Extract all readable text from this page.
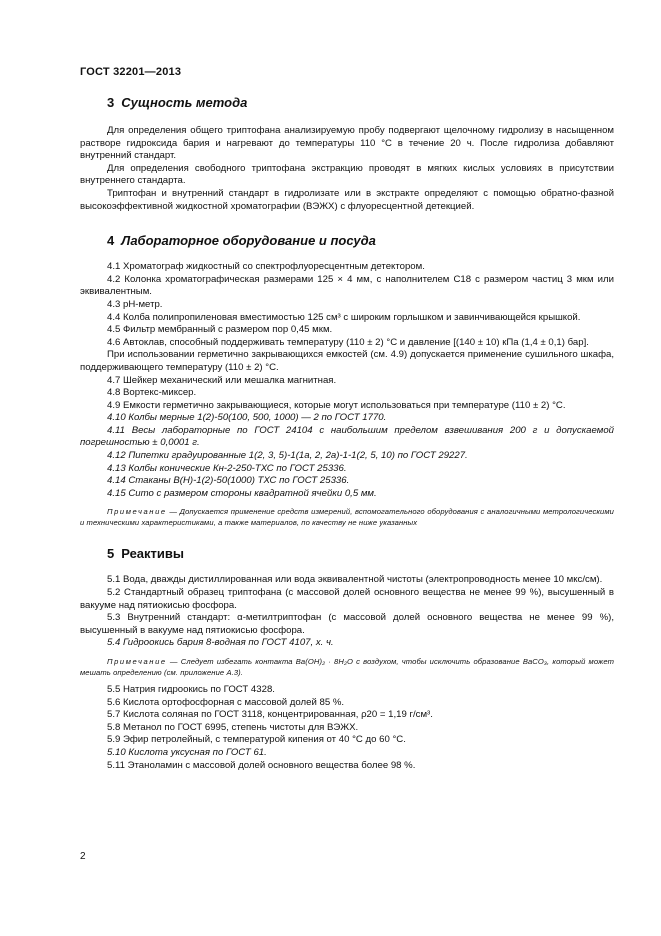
ГОСТ 32201—2013
3 Сущность метода

Для определения общего триптофана анализируемую пробу подвергают щелочному гидролизу в насыщенном растворе гидроксида бария и нагревают до температуры 110 °C в течение 20 ч. После гидролиза добавляют внутренний стандарт.

Для определения свободного триптофана экстракцию проводят в мягких кислых условиях в присутствии внутреннего стандарта.

Триптофан и внутренний стандарт в гидролизате или в экстракте определяют с помощью обратно-фазной высокоэффективной жидкостной хроматографии (ВЭЖХ) с флуоресцентной детекцией.

4 Лабораторное оборудование и посуда

4.1 Хроматограф жидкостный со спектрофлуоресцентным детектором.

4.2 Колонка хроматографическая размерами 125 × 4 мм, с наполнителем C18 с размером частиц 3 мкм или эквивалентным.

4.3 pH-метр.

4.4 Колба полипропиленовая вместимостью 125 см³ с широким горлышком и завинчивающейся крышкой.

4.5 Фильтр мембранный с размером пор 0,45 мкм.

4.6 Автоклав, способный поддерживать температуру (110 ± 2) °C и давление [(140 ± 10) кПа (1,4 ± 0,1) бар].

При использовании герметично закрывающихся емкостей (см. 4.9) допускается применение сушильного шкафа, поддерживающего температуру (110 ± 2) °C.

4.7 Шейкер механический или мешалка магнитная.

4.8 Вортекс-миксер.

4.9 Емкости герметично закрывающиеся, которые могут использоваться при температуре (110 ± 2) °C.

4.10 Колбы мерные 1(2)-50(100, 500, 1000) — 2 по ГОСТ 1770.

4.11 Весы лабораторные по ГОСТ 24104 с наибольшим пределом взвешивания 200 г и допускаемой погрешностью ± 0,0001 г.

4.12 Пипетки градуированные 1(2, 3, 5)-1(1а, 2, 2а)-1-1(2, 5, 10) по ГОСТ 29227.

4.13 Колбы конические Кн-2-250-ТХС по ГОСТ 25336.

4.14 Стаканы В(Н)-1(2)-50(1000) ТХС по ГОСТ 25336.

4.15 Сито с размером стороны квадратной ячейки 0,5 мм.

Примечание — Допускается применение средств измерений, вспомогательного оборудования с аналогичными метрологическими и техническими характеристиками, а также материалов, по качеству не ниже указанных

5 Реактивы

5.1 Вода, дважды дистиллированная или вода эквивалентной чистоты (электропроводность менее 10 мкс/см).

5.2 Стандартный образец триптофана (с массовой долей основного вещества не менее 99 %), высушенный в вакууме над пятиокисью фосфора.

5.3 Внутренний стандарт: α-метилтриптофан (с массовой долей основного вещества не менее 99 %), высушенный в вакууме над пятиокисью фосфора.

5.4 Гидроокись бария 8-водная по ГОСТ 4107, х. ч.

Примечание — Следует избегать контакта Ba(OH)₂ · 8H₂O с воздухом, чтобы исключить образование BaCO₃, который может мешать определению (см. приложение А.3).

5.5 Натрия гидроокись по ГОСТ 4328.

5.6 Кислота ортофосфорная с массовой долей 85 %.

5.7 Кислота соляная по ГОСТ 3118, концентрированная, ρ20 = 1,19 г/см³.

5.8 Метанол по ГОСТ 6995, степень чистоты для ВЭЖХ.

5.9 Эфир петролейный, с температурой кипения от 40 °C до 60 °C.

5.10 Кислота уксусная по ГОСТ 61.

5.11 Этаноламин с массовой долей основного вещества более 98 %.

2
